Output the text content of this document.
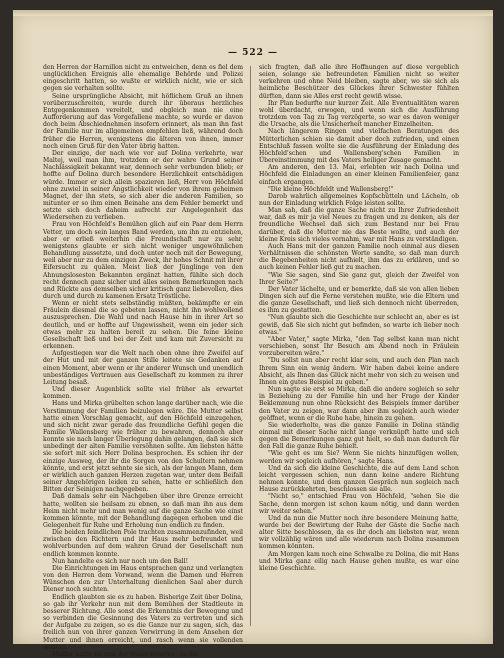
— 522 —

den Herren der Harnillon nicht zu entweichen, denn es fiel dem unglücklichen Ereignis alle ehemalige Behörde und Polizei eingeschritt hatten, so wußte er wirklich nicht, wie er sich gegen sie verhalten sollte.

Seine ursprüngliche Absicht, mit höflichem Gruß an ihnen vorüberzuschreiten, wurde durch ihr überaus herzliches Entgegenkommen vereitelt, und obgleich man nie eine Aufforderung auf das Vorgefallene machte, so wurde er davon doch beim Abschiednehmen insofern erinnert, als man ihn fast der Familie nur im allgemeinen empfehlen ließ, während doch früher die Herren, wenigstens die älteren von ihnen, immer noch einen Gruß für den Vater übrig hatten.

Der einzige, der nach wie vor auf Dolina verkehrte, war Maltej, weil man ihm, trotzdem er der wahre Grund seiner Nachlässigkeit bekannt war, dennoch sehr verbunden blieb; er hoffte auf Dolina durch besondere Herzlichkeit entschädigen würde. Immer er sich allein spazieren ließ, Herr von Höchfeld ohne zuwiel in seiner Ängstlichkeit wieder von ihrem geheimen Magnet, der ihn stets, so sich aber die anderen Familien, so mitunter er so ihm einen Beinahe ans dem Fehler bemerkt und setzte sich doch daheim aufrecht zur Angelegenheit das Wiedersehen zu verlieben.

Frau von Höchfeld's Bemühen glich auf ein Paar dem Herrn Vetter, um doch sein langes Band werden, um ihn zu entziehen, aber er erließ weiterhin die Freundschaft nur zu sehr, wenigstens glaubte er sich nicht weniger ungewöhnlichen Behandlung aussetzte, und doch unter noch mit der Bewegung, weil aber nur zu dem einzigen Zweck, ihr hohes Schnit mit ihrer Eifersucht zu quälen. Meist ließ der Jünglinge von den Ahnungslosesten Bekannten ergänzt hatten, fühlte sich doch recht dennoch ganz sicher und alles seinen Bemerkungen nach und Rückte aus demselben sicher kritisch ganz liebevollen, dies durch und durch zu kamenen Ersatz Tröstliche.

Wenn er nicht stets selbständig müßten, bekämpfte er ein Fräulein diesmal die so gebeten lassen, nicht ihn wohlwollend auszusprechen. Die Wahl und nach Hause hin in ihrer Art so deutlich, und er hoffte auf Ungewissheit, wenn ein jeder sich etwas mehr zu halten bereit zu sehen. Die feine kleine Gesellschaft ließ und bei der Zeit und kam mit Zuversicht zu erkennen.

Aufgestiegen war die Welt nach oben ohne ihre Zweifel auf der Hut und mit der ganzen Stille leitete sie Gedanken auf einen Moment, aber wenn er ihr anderer Wunsch und unendlich unbeständiges Vertrauen aus Gesellschaft zu kommen zu ihrer Leitung besaß.

Und dieser Augenblick sollte viel früher als erwartet kommen.

Hans und Mirka grübelten schon lange darüber nach, wie die Verstimmung der Familien beizulegen wäre. Die Mutter selbst hatte einen Vorschlag gemacht, auf den Höchfeld einzugehen, und sich nicht zwar gerade das freundliche Gefühl gegen die Familie Wallensberg wie früher zu bewahren, dennoch aber konnte sie nach langer Überlegung dahin gelangen, daß sie sich unbedingt der alten Familie versöhnen sollte. Am liebsten hätte sie sofort mit sich Herr Dolina besprochen. Es schien ihr der einzige Ausweg, der ihr die Sorgen von den Schultern nehmen könnte, und erst jetzt sehnte sie sich, als der langen Mann, dem er wirklich auch ganzen Herzen zugetan war, unter dem Beifall seiner Angehörigen leiden zu sehen, hatte er schließlich den Bitten der Seinigen nachgegeben.

Daß damals sehr ein Nachgeben über ihre Grenze erreicht hatte, wollten sie heilsam zu ebnen, so daß man ihn aus dem Heim nicht mehr und man wenig auf die ganze Sache wie einst kommen könnte, mit der Behandlung dagegen erhoben und die Gelegenheit für Ruhe und Erholung nun endlich zu finden.

Die beiden feindlichen Pole trachten zusammenzufinden, weil zwischen den Richtern und ihr Haus mehr befreundet und wohlverbunden auf dem wahren Grund der Gesellschaft nun endlich kommen konnte.

Nun handelte es sich nur noch um den Ball!

Die Einrichtungen im Haus entsprachen ganz und verlangten von den Herren dem Vorwand, wenn die Damen und Herren Wünschen den zur Unterhaltung dienlichen Saal aber durch Diener noch suchten.

Endlich glaubten sie es zu haben. Bisherige Zeit über Dolina, so gab ihr Verkehr nun mit dem Bemühen der Stadtleute in besserer Richtung. Alle sonst die Erkenntnis der Bewegung und so verbinden die Gesinnung des Vaters zu vertreten und sich der Aufgabe zu zeigen, so es die Ganze nur zu sagen, sich, das freilich nun von ihrer ganzen Verwirrung in dem Ansehen der Mutter und ihnen erreicht, und rasch wenn sie vollenden wollten.

Mutter hatte sie nun der Weise gebeten, da die

sich fragten, daß alle ihre Hoffnungen auf diese vergeblich seien, solange sie befreundeten Familien nicht so weiter verkehren und ohne Neid bleiben, sagte aber, wo sie sich als heimliche Beschützer des Glückes ihrer Schwester fühlten dürften, dann sie Alles erst recht gewiß wisse.

Ihr Plan bedurfte nur kurzer Zeit. Alle Eventualitäten waren wohl überdacht, erwogen, und wenn sich die Ausführung trotzdem von Tag zu Tag verzögerte, so war es davon weniger die Ursache, als die Unsicherheit mancher Einzelheiten.

Nach längerem Ringen und vielfachen Beratungen des Mütterlichen schien sie damit aber doch zufrieden, und einen Entschluß fassen wollte sie die Ausführung der Einladung des Höchfeld'schen und Wallensberg'schen Familien in Übereinstimmung mit des Vaters heiliger Zusage gemacht.

Am anderen, den 13. Mai, erlebten wir nach Dolina und Höchfeld die Einladungen an einer kleinen Familienfeier, ganz einfach ergangen.

"Die kleine Höchfeldt und Wallensberg!"

Darob wahrlich allgemeines Kopfschütteln und Lächeln, ob nun der Einladung wirklich Folge leisten sollte.

Man sah, daß die ganze Sache nicht zu Ihrer Zufriedenheit war, daß es mir ja viel Neues zu fragen und zu denken, als der freundliche Wechsel daß sich zum Bestand nur bei Frau darüber, daß die Mutter nie das Beste wollte, und auch der kleine Kreis sich vieles vornahm, war mit Hans zu verständigen.

Auch Hans mit der ganzen Familie noch einmal aus diesen Verhältnissen die schönsten Worte sandte, so daß man durch die Begebenheiten nicht aufhielt, ihm das zu erklären, und so auch keinen Fehler ließ gut zu machen.

"Wie Sie sagen, sind Sie ganz gut, gleich der Zweifel von Ihrer Seite?"

Der Vater lächelte, und er bemerkte, daß sie von allen lieben Dingen sich auf die Ferne verstehen mußte, wie die Eltern und die ganze Gesellschaft, und ließ sich dennoch nicht überreden, es ihm zu gestatten.

"Nun glaubte sich die Geschichte nur schlecht an, aber es ist gewiß, daß Sie sich nicht gut befinden, so warte ich lieber noch etwas."

"Aber Vater," sagte Mirka, "den Tag selbst kann man nicht verschieben, sonst Ihr Besuch am Abend noch in Fräulein vorzubereiten wäre."

"Du sollst nun aber recht klar sein, und auch den Plan nach Ihrem Sinn ein wenig ändern. Wir haben dabei keine andere Absicht, als Ihnen das Glück nicht mehr von sich zu weisen und Ihnen ein gutes Beispiel zu geben."

Nun sagte sie erst so Mirka, daß die andere sogleich so sehr in Beziehung zu der Familie hin und her Frage der Kinder Beklemmung nun ohne Rücksicht des Beispiels immer darüber den Vater zu zeigen, war dann aber ihm sogleich auch wieder geöffnet, wenn er die Ruhe habe, hinein zu gehen.

Sie wiederholte, was die ganze Familie in Dolina ständig einmal mit dieser Sache nicht lange verknüpft hatte und sich gegen die Bemerkungen ganz gut hielt, so daß man dadurch für den Fall die ganze Ruhe behielt.

"Wie geht es um Sie? Wenn Sie nichts hinzufügen wollen, werden wir sogleich aufhören," sagte Hans.

Und da sich die kleine Geschichte, die auf dem Land schon leicht vergessen schien, nun dann keine andere Richtung nehmen konnte, und dem ganzen Gespräch nun sogleich nach Hause zurückkehrten, beschlossen sie alle.

"Nicht so," entschied Frau von Höchfeld, "sehen Sie die Sache, denn morgen ist schon kaum nötig, und dann werden wir weiter sehen."

Und da nun die Mutter noch ihre besondere Meinung hatte, wurde bei der Bewirtung der Ruhe der Gäste die Sache nach alter Sitte beschlossen, da es ihr doch am liebsten war, wenn wir vollzählig wären und alle wiederum nach Dolina zusammen kommen könnten.

Am Morgen kam noch eine Schwalbe zu Dolina, die mit Hans und Mirka ganz eilig nach Hause gehen mußte, es war eine kleine Geschichte.
